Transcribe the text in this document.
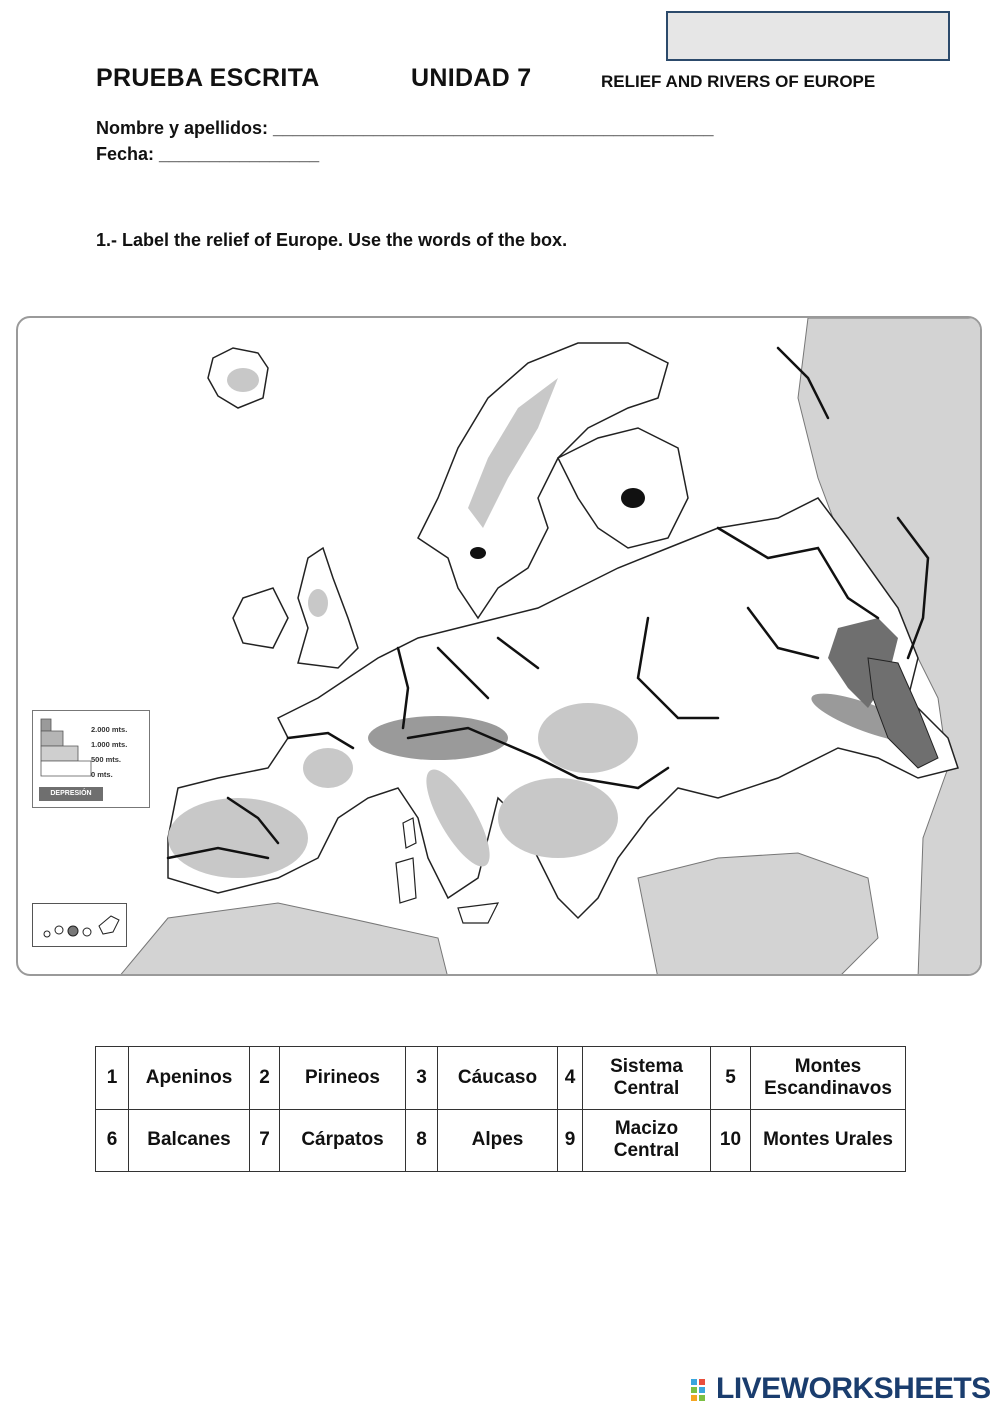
PRUEBA ESCRITA	UNIDAD 7	RELIEF AND RIVERS OF EUROPE
Nombre y apellidos: ____________________________________________
Fecha: ________________
1.- Label the relief of Europe. Use the words of the box.
2.000 mts.
1.000 mts.
500 mts.
0 mts.
DEPRESIÓN
1	Apeninos	2	Pirineos	3	Cáucaso	4	Sistema Central	5	Montes Escandinavos
6	Balcanes	7	Cárpatos	8	Alpes	9	Macizo Central	10	Montes Urales
LIVEWORKSHEETS
